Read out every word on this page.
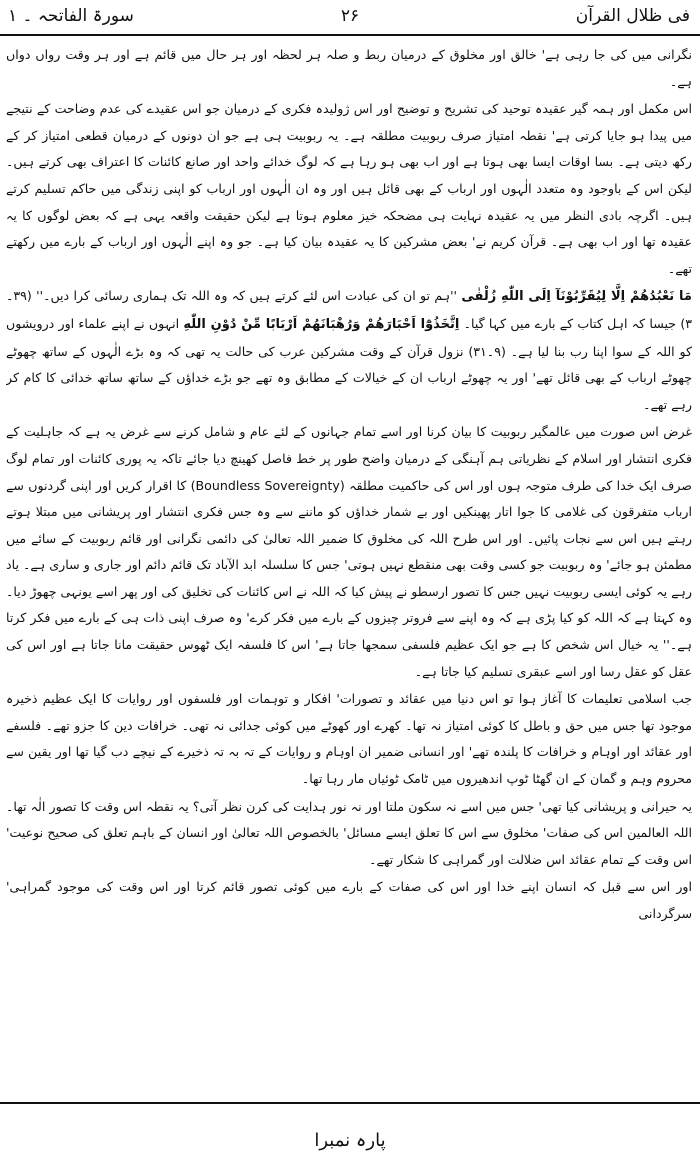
فی ظلال القرآن
۲۶
سورۃ الفاتحہ ۔ ۱

نگرانی میں کی جا رہی ہے' خالق اور مخلوق کے درمیان ربط و صلہ ہر لحظہ اور ہر حال میں قائم ہے اور ہر وقت رواں دواں ہے۔

اس مکمل اور ہمہ گیر عقیدہ توحید کی تشریح و توضیح اور اس ژولیدہ فکری کے درمیان جو اس عقیدے کی عدم وضاحت کے نتیجے میں پیدا ہو جایا کرتی ہے' نقطہ امتیاز صرف ربوبیت مطلقہ ہے۔ یہ ربوبیت ہی ہے جو ان دونوں کے درمیان قطعی امتیاز کر کے رکھ دیتی ہے۔ بسا اوقات ایسا بھی ہوتا ہے اور اب بھی ہو رہا ہے کہ لوگ خدائے واحد اور صانع کائنات کا اعتراف بھی کرتے ہیں۔ لیکن اس کے باوجود وہ متعدد الٰہوں اور ارباب کے بھی قائل ہیں اور وہ ان الٰہوں اور ارباب کو اپنی زندگی میں حاکم تسلیم کرتے ہیں۔ اگرچہ بادی النظر میں یہ عقیدہ نہایت ہی مضحکہ خیز معلوم ہوتا ہے لیکن حقیقت واقعہ یہی ہے کہ بعض لوگوں کا یہ عقیدہ تھا اور اب بھی ہے۔ قرآن کریم نے' بعض مشرکین کا یہ عقیدہ بیان کیا ہے۔ جو وہ اپنے الٰہوں اور ارباب کے بارے میں رکھتے تھے۔

مَا نَعْبُدُهُمْ اِلَّا لِيُقَرِّبُوْنَآ اِلَى اللّٰهِ زُلْفٰى ''ہم تو ان کی عبادت اس لئے کرتے ہیں کہ وہ اللہ تک ہماری رسائی کرا دیں۔'' (۳۹۔۳) جیسا کہ اہل کتاب کے بارے میں کہا گیا۔ اِتَّخَذُوْٓا اَحْبَارَهُمْ وَرُهْبَانَهُمْ اَرْبَابًا مِّنْ دُوْنِ اللّٰهِ انہوں نے اپنے علماء اور درویشوں کو اللہ کے سوا اپنا رب بنا لیا ہے۔ (۹۔۳۱) نزول قرآن کے وقت مشرکین عرب کی حالت یہ تھی کہ وہ بڑے الٰہوں کے ساتھ چھوٹے چھوٹے ارباب کے بھی قائل تھے' اور یہ چھوٹے ارباب ان کے خیالات کے مطابق وہ تھے جو بڑے خداؤں کے ساتھ ساتھ خدائی کا کام کر رہے تھے۔

غرض اس صورت میں عالمگیر ربوبیت کا بیان کرنا اور اسے تمام جہانوں کے لئے عام و شامل کرنے سے غرض یہ ہے کہ جاہلیت کے فکری انتشار اور اسلام کے نظریاتی ہم آہنگی کے درمیان واضح طور پر خط فاصل کھینچ دیا جائے تاکہ یہ پوری کائنات اور تمام لوگ صرف ایک خدا کی طرف متوجہ ہوں اور اس کی حاکمیت مطلقہ (Boundless Sovereignty) کا اقرار کریں اور اپنی گردنوں سے ارباب متفرقون کی غلامی کا جوا اتار پھینکیں اور بے شمار خداؤں کو ماننے سے وہ جس فکری انتشار اور پریشانی میں مبتلا ہوتے رہتے ہیں اس سے نجات پائیں۔ اور اس طرح اللہ کی مخلوق کا ضمیر اللہ تعالیٰ کی دائمی نگرانی اور قائم ربوبیت کے سائے میں مطمئن ہو جائے' وہ ربوبیت جو کسی وقت بھی منقطع نہیں ہوتی' جس کا سلسلہ ابد الآباد تک قائم دائم اور جاری و ساری ہے۔ یاد رہے یہ کوئی ایسی ربوبیت نہیں جس کا تصور ارسطو نے پیش کیا کہ اللہ نے اس کائنات کی تخلیق کی اور پھر اسے یونہی چھوڑ دیا۔ وہ کہتا ہے کہ اللہ کو کیا پڑی ہے کہ وہ اپنے سے فروتر چیزوں کے بارے میں فکر کرے' وہ صرف اپنی ذات ہی کے بارے میں فکر کرتا ہے۔'' یہ خیال اس شخص کا ہے جو ایک عظیم فلسفی سمجھا جاتا ہے' اس کا فلسفہ ایک ٹھوس حقیقت مانا جاتا ہے اور اس کی عقل کو عقل رسا اور اسے عبقری تسلیم کیا جاتا ہے۔

جب اسلامی تعلیمات کا آغاز ہوا تو اس دنیا میں عقائد و تصورات' افکار و توہمات اور فلسفوں اور روایات کا ایک عظیم ذخیرہ موجود تھا جس میں حق و باطل کا کوئی امتیاز نہ تھا۔ کھرے اور کھوٹے میں کوئی جدائی نہ تھی۔ خرافات دین کا جزو تھے۔ فلسفے اور عقائد اور اوہام و خرافات کا پلندہ تھے' اور انسانی ضمیر ان اوہام و روایات کے تہ بہ تہ ذخیرے کے نیچے دب گیا تھا اور یقین سے محروم وہم و گمان کے ان گھٹا ٹوپ اندھیروں میں ٹامک ٹوئیاں مار رہا تھا۔

یہ حیرانی و پریشانی کیا تھی' جس میں اسے نہ سکون ملتا اور نہ نور ہدایت کی کرن نظر آتی؟ یہ نقطہ اس وقت کا تصور الٰہ تھا۔ اللہ العالمین اس کی صفات' مخلوق سے اس کا تعلق ایسے مسائل' بالخصوص اللہ تعالیٰ اور انسان کے باہم تعلق کی صحیح نوعیت' اس وقت کے تمام عقائد اس ضلالت اور گمراہی کا شکار تھے۔

اور اس سے قبل کہ انسان اپنے خدا اور اس کی صفات کے بارے میں کوئی تصور قائم کرتا اور اس وقت کی موجود گمراہی' سرگردانی

پارہ نمبرا
